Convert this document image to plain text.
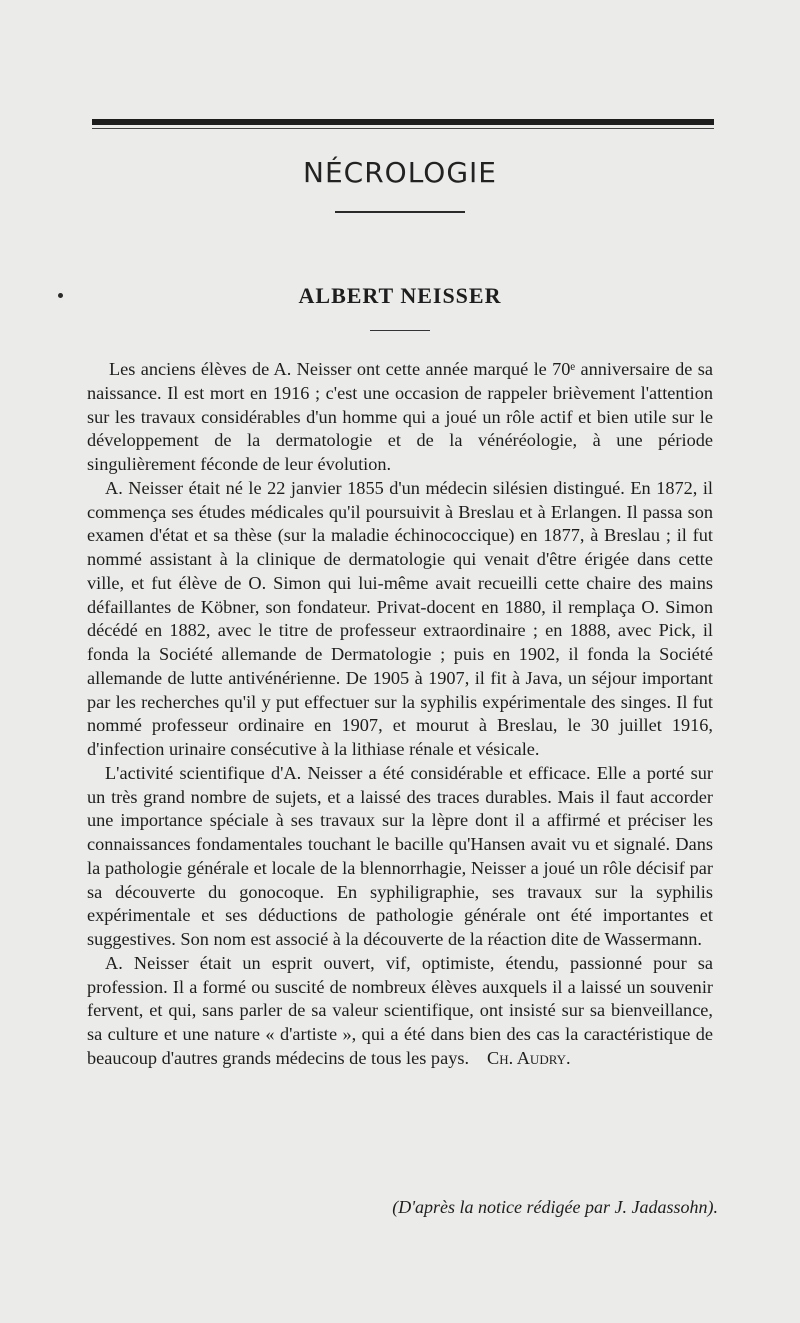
NÉCROLOGIE
ALBERT NEISSER

Les anciens élèves de A. Neisser ont cette année marqué le 70ᵉ anniversaire de sa naissance. Il est mort en 1916 ; c'est une occasion de rappeler brièvement l'attention sur les travaux considérables d'un homme qui a joué un rôle actif et bien utile sur le développement de la dermatologie et de la vénéréologie, à une période singulièrement féconde de leur évolution.

A. Neisser était né le 22 janvier 1855 d'un médecin silésien distingué. En 1872, il commença ses études médicales qu'il poursuivit à Breslau et à Erlangen. Il passa son examen d'état et sa thèse (sur la maladie échinococcique) en 1877, à Breslau ; il fut nommé assistant à la clinique de dermatologie qui venait d'être érigée dans cette ville, et fut élève de O. Simon qui lui-même avait recueilli cette chaire des mains défaillantes de Köbner, son fondateur. Privat-docent en 1880, il remplaça O. Simon décédé en 1882, avec le titre de professeur extraordinaire ; en 1888, avec Pick, il fonda la Société allemande de Dermatologie ; puis en 1902, il fonda la Société allemande de lutte antivénérienne. De 1905 à 1907, il fit à Java, un séjour important par les recherches qu'il y put effectuer sur la syphilis expérimentale des singes. Il fut nommé professeur ordinaire en 1907, et mourut à Breslau, le 30 juillet 1916, d'infection urinaire consécutive à la lithiase rénale et vésicale.

L'activité scientifique d'A. Neisser a été considérable et efficace. Elle a porté sur un très grand nombre de sujets, et a laissé des traces durables. Mais il faut accorder une importance spéciale à ses travaux sur la lèpre dont il a affirmé et préciser les connaissances fondamentales touchant le bacille qu'Hansen avait vu et signalé. Dans la pathologie générale et locale de la blennorrhagie, Neisser a joué un rôle décisif par sa découverte du gonocoque. En syphiligraphie, ses travaux sur la syphilis expérimentale et ses déductions de pathologie générale ont été importantes et suggestives. Son nom est associé à la découverte de la réaction dite de Wassermann.

A. Neisser était un esprit ouvert, vif, optimiste, étendu, passionné pour sa profession. Il a formé ou suscité de nombreux élèves auxquels il a laissé un souvenir fervent, et qui, sans parler de sa valeur scientifique, ont insisté sur sa bienveillance, sa culture et une nature « d'artiste », qui a été dans bien des cas la caractéristique de beaucoup d'autres grands médecins de tous les pays. Ch. Audry.

(D'après la notice rédigée par J. Jadassohn).
